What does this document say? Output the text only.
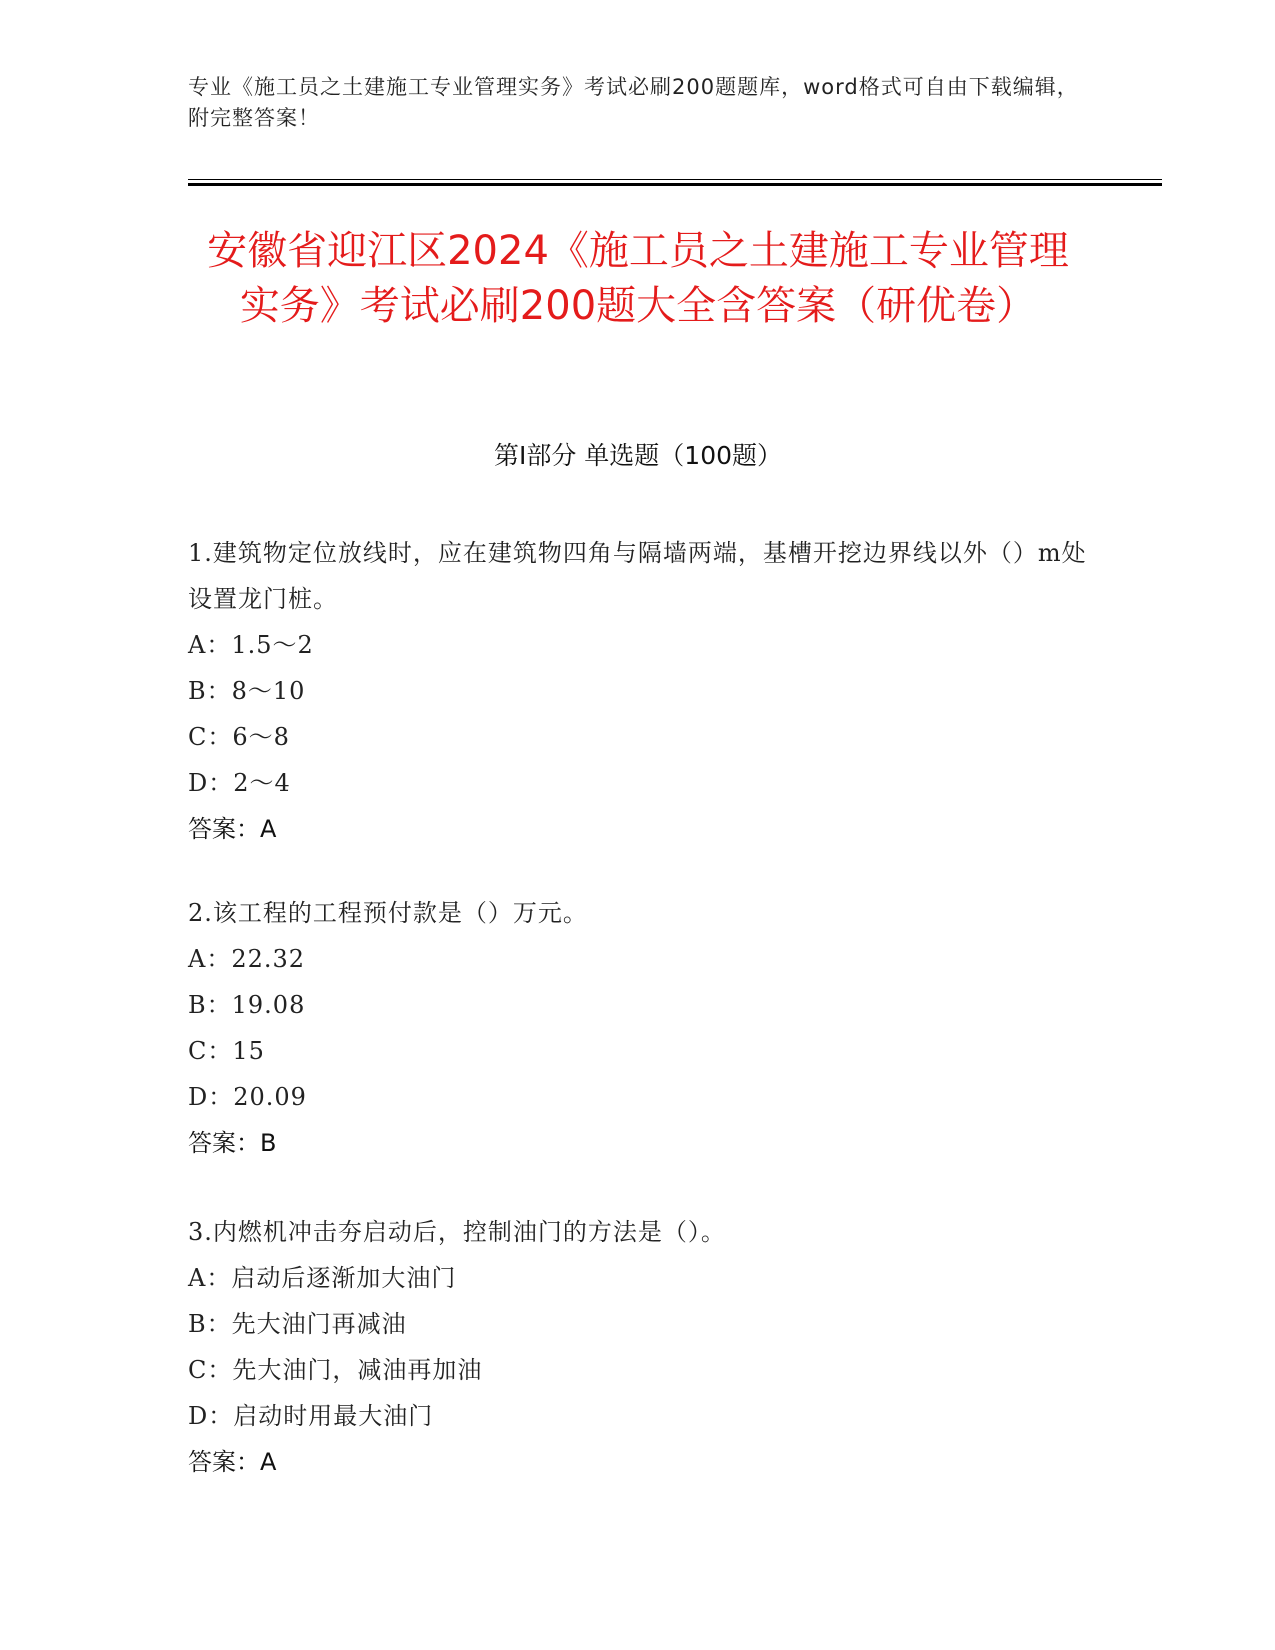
专业《施工员之土建施工专业管理实务》考试必刷200题题库，word格式可自由下载编辑，附完整答案！
安徽省迎江区2024《施工员之土建施工专业管理实务》考试必刷200题大全含答案（研优卷）
第Ⅰ部分 单选题（100题）
1.建筑物定位放线时，应在建筑物四角与隔墙两端，基槽开挖边界线以外（）m处设置龙门桩。
A：1.5～2
B：8～10
C：6～8
D：2～4
答案：A
2.该工程的工程预付款是（）万元。
A：22.32
B：19.08
C：15
D：20.09
答案：B
3.内燃机冲击夯启动后，控制油门的方法是（）。
A：启动后逐渐加大油门
B：先大油门再减油
C：先大油门，减油再加油
D：启动时用最大油门
答案：A
